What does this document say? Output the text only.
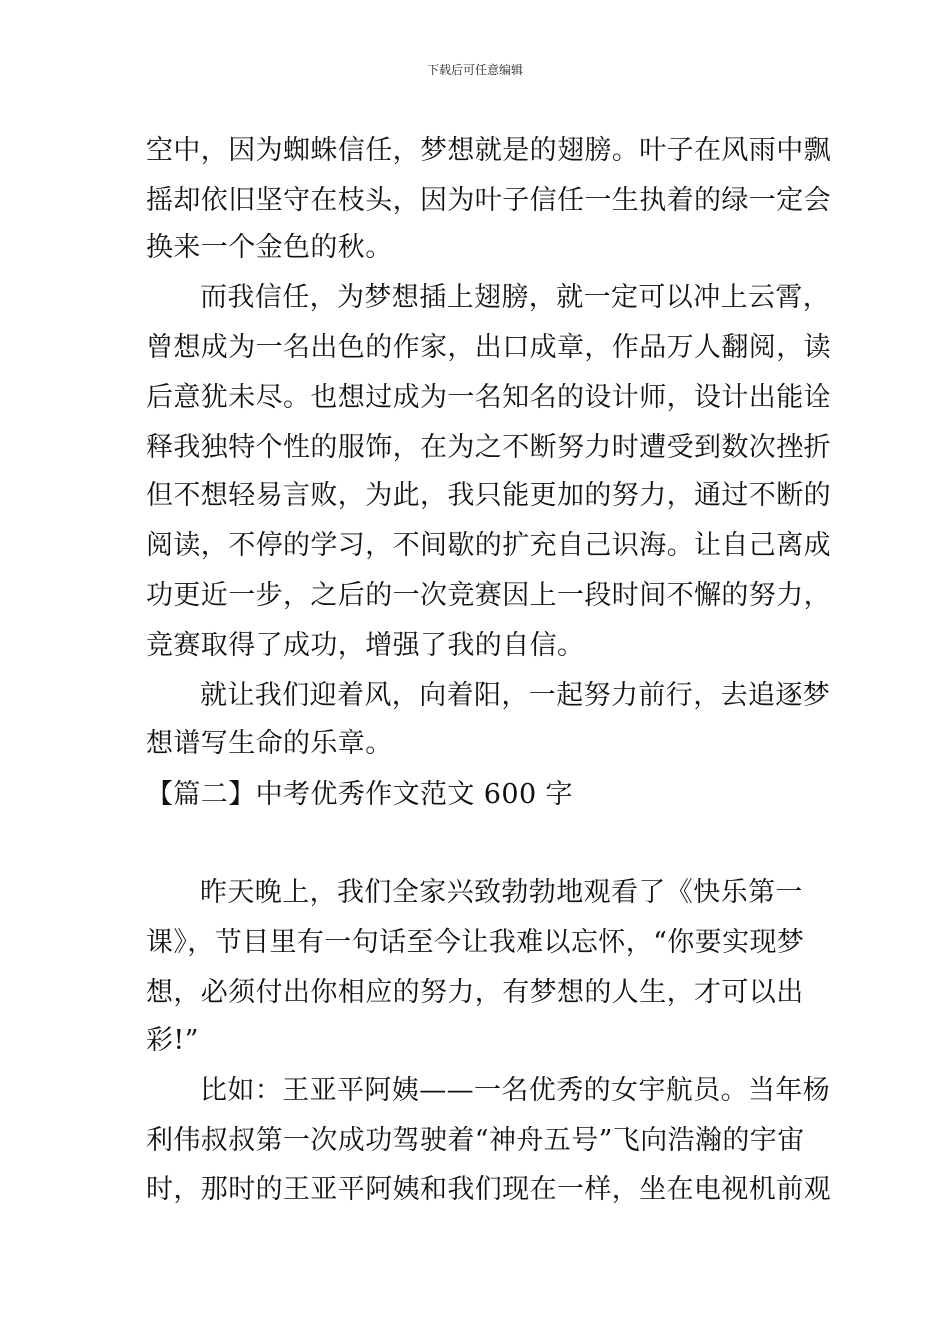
下载后可任意编辑
空中，因为蜘蛛信任，梦想就是的翅膀。叶子在风雨中飘
摇却依旧坚守在枝头，因为叶子信任一生执着的绿一定会
换来一个金色的秋。
而我信任，为梦想插上翅膀，就一定可以冲上云霄，
曾想成为一名出色的作家，出口成章，作品万人翻阅，读
后意犹未尽。也想过成为一名知名的设计师，设计出能诠
释我独特个性的服饰，在为之不断努力时遭受到数次挫折
但不想轻易言败，为此，我只能更加的努力，通过不断的
阅读，不停的学习，不间歇的扩充自己识海。让自己离成
功更近一步，之后的一次竞赛因上一段时间不懈的努力，
竞赛取得了成功，增强了我的自信。
就让我们迎着风，向着阳，一起努力前行，去追逐梦
想谱写生命的乐章。
【篇二】中考优秀作文范文 600 字
昨天晚上，我们全家兴致勃勃地观看了《快乐第一
课》，节目里有一句话至今让我难以忘怀，“你要实现梦
想，必须付出你相应的努力，有梦想的人生，才可以出
彩!”
比如：王亚平阿姨——一名优秀的女宇航员。当年杨
利伟叔叔第一次成功驾驶着“神舟五号”飞向浩瀚的宇宙
时，那时的王亚平阿姨和我们现在一样，坐在电视机前观
